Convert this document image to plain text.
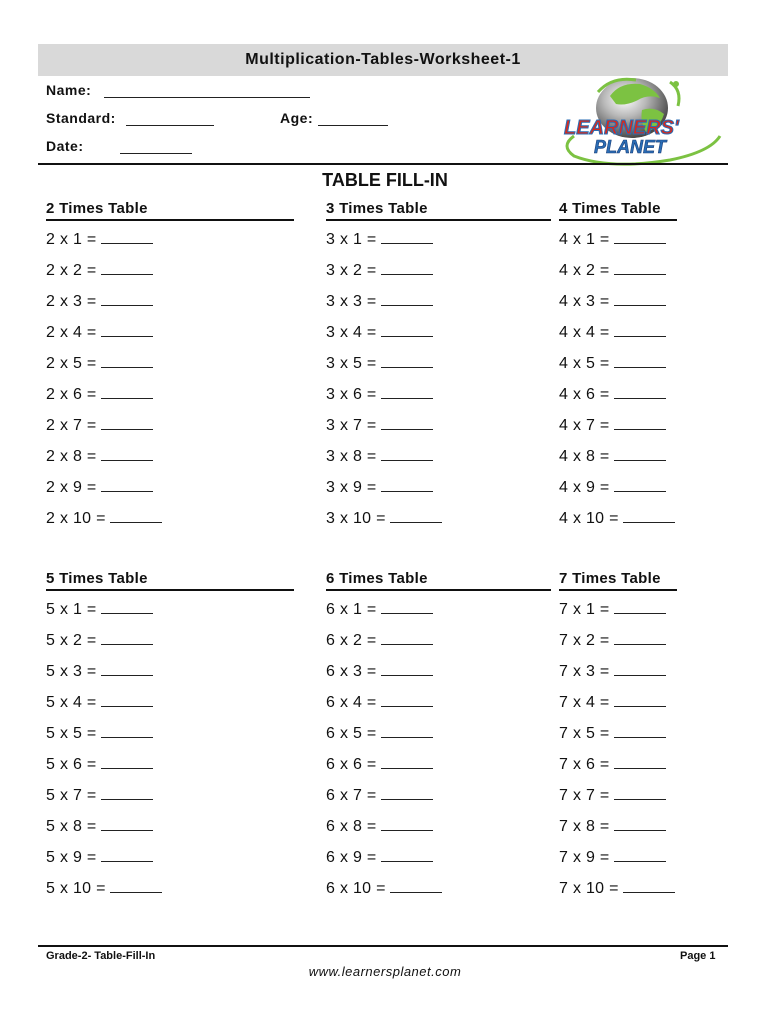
Multiplication-Tables-Worksheet-1
Name:
Standard:	Age:
Date:
LEARNERS'
PLANET
TABLE FILL-IN
2 Times Table
2 x 1 =
2 x 2 =
2 x 3 =
2 x 4 =
2 x 5 =
2 x 6 =
2 x 7 =
2 x 8 =
2 x 9 =
2 x 10 =
3 Times Table
3 x 1 =
3 x 2 =
3 x 3 =
3 x 4 =
3 x 5 =
3 x 6 =
3 x 7 =
3 x 8 =
3 x 9 =
3 x 10 =
4 Times Table
4 x 1 =
4 x 2 =
4 x 3 =
4 x 4 =
4 x 5 =
4 x 6 =
4 x 7 =
4 x 8 =
4 x 9 =
4 x 10 =
5 Times Table
5 x 1 =
5 x 2 =
5 x 3 =
5 x 4 =
5 x 5 =
5 x 6 =
5 x 7 =
5 x 8 =
5 x 9 =
5 x 10 =
6 Times Table
6 x 1 =
6 x 2 =
6 x 3 =
6 x 4 =
6 x 5 =
6 x 6 =
6 x 7 =
6 x 8 =
6 x 9 =
6 x 10 =
7 Times Table
7 x 1 =
7 x 2 =
7 x 3 =
7 x 4 =
7 x 5 =
7 x 6 =
7 x 7 =
7 x 8 =
7 x 9 =
7 x 10 =
Grade-2- Table-Fill-In	Page 1
www.learnersplanet.com
